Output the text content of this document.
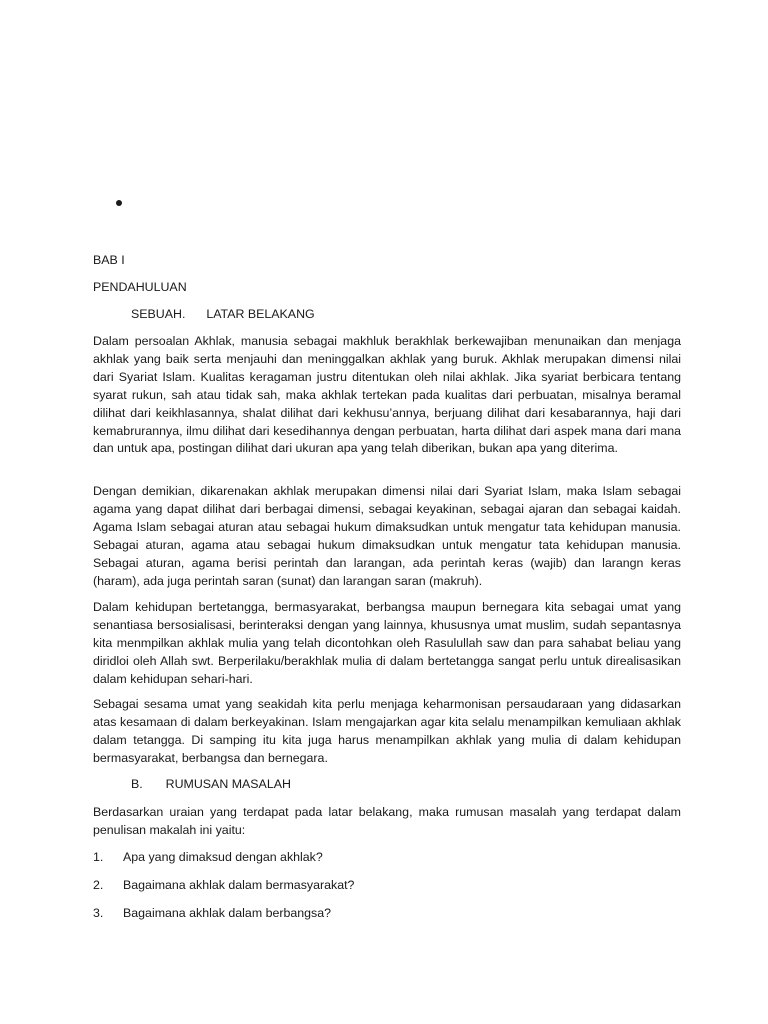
BAB I
PENDAHULUAN
SEBUAH. LATAR BELAKANG
Dalam persoalan Akhlak, manusia sebagai makhluk berakhlak berkewajiban menunaikan dan menjaga akhlak yang baik serta menjauhi dan meninggalkan akhlak yang buruk. Akhlak merupakan dimensi nilai dari Syariat Islam. Kualitas keragaman justru ditentukan oleh nilai akhlak. Jika syariat berbicara tentang syarat rukun, sah atau tidak sah, maka akhlak tertekan pada kualitas dari perbuatan, misalnya beramal dilihat dari keikhlasannya, shalat dilihat dari kekhusu’annya, berjuang dilihat dari kesabarannya, haji dari kemabrurannya, ilmu dilihat dari kesedihannya dengan perbuatan, harta dilihat dari aspek mana dari mana dan untuk apa, postingan dilihat dari ukuran apa yang telah diberikan, bukan apa yang diterima.
Dengan demikian, dikarenakan akhlak merupakan dimensi nilai dari Syariat Islam, maka Islam sebagai agama yang dapat dilihat dari berbagai dimensi, sebagai keyakinan, sebagai ajaran dan sebagai kaidah. Agama Islam sebagai aturan atau sebagai hukum dimaksudkan untuk mengatur tata kehidupan manusia. Sebagai aturan, agama atau sebagai hukum dimaksudkan untuk mengatur tata kehidupan manusia. Sebagai aturan, agama berisi perintah dan larangan, ada perintah keras (wajib) dan larangn keras (haram), ada juga perintah saran (sunat) dan larangan saran (makruh).
Dalam kehidupan bertetangga, bermasyarakat, berbangsa maupun bernegara kita sebagai umat yang senantiasa bersosialisasi, berinteraksi dengan yang lainnya, khususnya umat muslim, sudah sepantasnya kita menmpilkan akhlak mulia yang telah dicontohkan oleh Rasulullah saw dan para sahabat beliau yang diridloi oleh Allah swt. Berperilaku/berakhlak mulia di dalam bertetangga sangat perlu untuk direalisasikan dalam kehidupan sehari-hari.
Sebagai sesama umat yang seakidah kita perlu menjaga keharmonisan persaudaraan yang didasarkan atas kesamaan di dalam berkeyakinan. Islam mengajarkan agar kita selalu menampilkan kemuliaan akhlak dalam tetangga. Di samping itu kita juga harus menampilkan akhlak yang mulia di dalam kehidupan bermasyarakat, berbangsa dan bernegara.
B. RUMUSAN MASALAH
Berdasarkan uraian yang terdapat pada latar belakang, maka rumusan masalah yang terdapat dalam penulisan makalah ini yaitu:
1. Apa yang dimaksud dengan akhlak?
2. Bagaimana akhlak dalam bermasyarakat?
3. Bagaimana akhlak dalam berbangsa?
